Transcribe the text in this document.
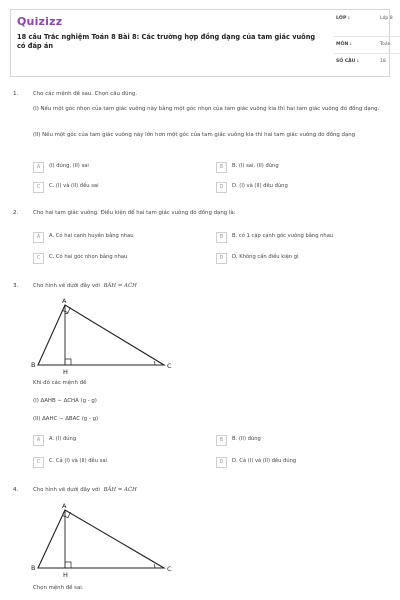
Quizizz
18 câu Trắc nghiệm Toán 8 Bài 8: Các trường hợp đồng dạng của tam giác vuông có đáp án
LỚP :	Lớp 8
MÔN :	Toán
SỐ CÂU :	18
1.	Cho các mệnh đề sau. Chọn câu đúng.
(I) Nếu một góc nhọn của tam giác vuông này bằng một góc nhọn của tam giác vuông kia thì hai tam giác vuông đó đồng dạng.
(II) Nếu một góc của tam giác vuông này lớn hơn một góc của tam giác vuông kia thì hai tam giác vuông đó đồng dạng
A	(I) đúng, (II) sai	B	B. (I) sai, (II) đúng
C	C. (I) và (II) đều sai	D	D. (I) và (II) đều đúng
2.	Cho hai tam giác vuông. Điều kiện để hai tam giác vuông đó đồng dạng là:
A	A. Có hai cạnh huyền bằng nhau	B	B. có 1 cặp cạnh góc vuông bằng nhau
C	C. Có hai góc nhọn bằng nhau	D	D. Không cần điều kiện gì
3.	Cho hình vẽ dưới đây với BÂH = AĈH
A
B	C
H
Khi đó các mệnh đề
(I) ΔAHB ∼ ΔCHA (g - g)
(II) ΔAHC ∼ ΔBAC (g - g)
A	A. (I) đúng	B	B. (II) đúng
C	C. Cả (I) và (II) đều sai	D	D. Cả (I) và (II) đều đúng
4.	Cho hình vẽ dưới đây với BÂH = AĈH
A
B	C
H
Chọn mệnh đề sai.
